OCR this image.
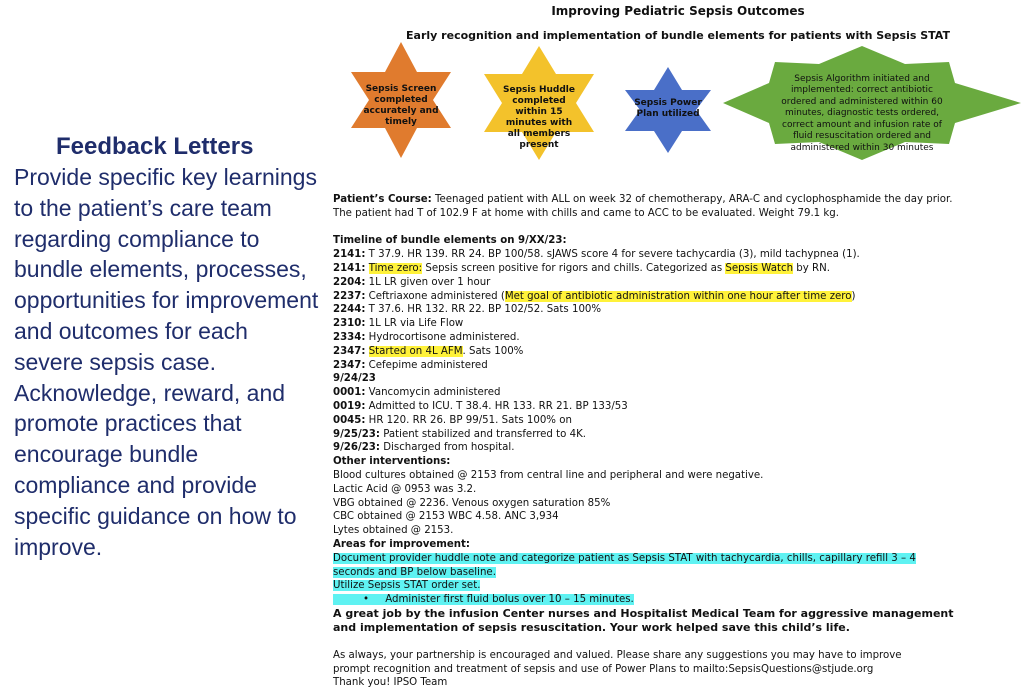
Feedback Letters

Provide specific key learnings to the patient’s care team regarding compliance to bundle elements, processes, opportunities for improvement and outcomes for each severe sepsis case. Acknowledge, reward, and promote practices that encourage bundle compliance and provide specific guidance on how to improve.

Improving Pediatric Sepsis Outcomes
Early recognition and implementation of bundle elements for patients with Sepsis STAT
Sepsis Screen completed accurately and timely
Sepsis Huddle completed within 15 minutes with all members present
Sepsis Power Plan utilized
Sepsis Algorithm initiated and implemented: correct antibiotic ordered and administered within 60 minutes, diagnostic tests ordered, correct amount and infusion rate of fluid resuscitation ordered and administered within 30 minutes
Patient’s Course: Teenaged patient with ALL on week 32 of chemotherapy, ARA-C and cyclophosphamide the day prior.
The patient had T of 102.9 F at home with chills and came to ACC to be evaluated. Weight 79.1 kg.
Timeline of bundle elements on 9/XX/23:
2141: T 37.9. HR 139. RR 24. BP 100/58. sJAWS score 4 for severe tachycardia (3), mild tachypnea (1).
2141: Time zero: Sepsis screen positive for rigors and chills. Categorized as Sepsis Watch by RN.
2204: 1L LR given over 1 hour
2237: Ceftriaxone administered (Met goal of antibiotic administration within one hour after time zero)
2244: T 37.6. HR 132. RR 22. BP 102/52. Sats 100%
2310: 1L LR via Life Flow
2334: Hydrocortisone administered.
2347: Started on 4L AFM. Sats 100%
2347: Cefepime administered
9/24/23
0001: Vancomycin administered
0019: Admitted to ICU. T 38.4. HR 133. RR 21. BP 133/53
0045: HR 120. RR 26. BP 99/51. Sats 100% on
9/25/23: Patient stabilized and transferred to 4K.
9/26/23: Discharged from hospital.
Other interventions:
Blood cultures obtained @ 2153 from central line and peripheral and were negative.
Lactic Acid @ 0953 was 3.2.
VBG obtained @ 2236. Venous oxygen saturation 85%
CBC obtained @ 2153 WBC 4.58. ANC 3,934
Lytes obtained @ 2153.
Areas for improvement:
Document provider huddle note and categorize patient as Sepsis STAT with tachycardia, chills, capillary refill 3 – 4
seconds and BP below baseline.
Utilize Sepsis STAT order set.
• Administer first fluid bolus over 10 – 15 minutes.
A great job by the infusion Center nurses and Hospitalist Medical Team for aggressive management
and implementation of sepsis resuscitation. Your work helped save this child’s life.
As always, your partnership is encouraged and valued. Please share any suggestions you may have to improve
prompt recognition and treatment of sepsis and use of Power Plans to mailto:SepsisQuestions@stjude.org
Thank you! IPSO Team
